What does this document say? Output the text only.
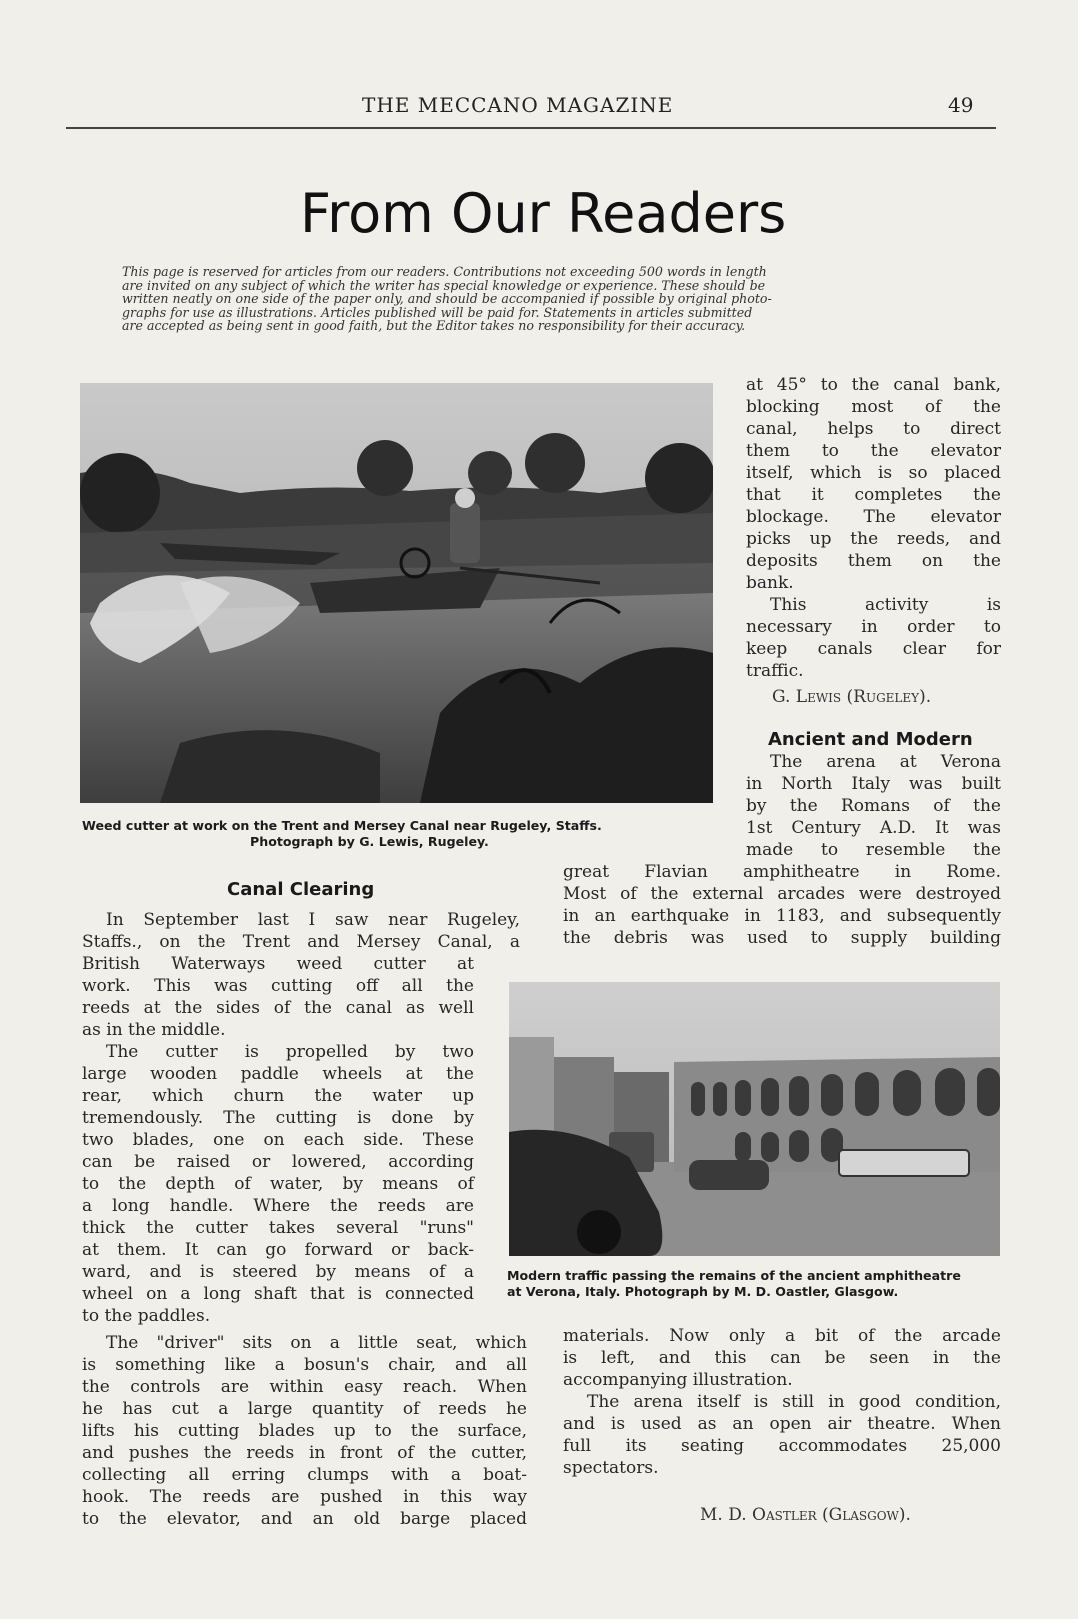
THE MECCANO MAGAZINE	49
From Our Readers

This page is reserved for articles from our readers. Contributions not exceeding 500 words in length

are invited on any subject of which the writer has special knowledge or experience. These should be

written neatly on one side of the paper only, and should be accompanied if possible by original photo-

graphs for use as illustrations. Articles published will be paid for. Statements in articles submitted

are accepted as being sent in good faith, but the Editor takes no responsibility for their accuracy.

Weed cutter at work on the Trent and Mersey Canal near Rugeley, Staffs.
Photograph by G. Lewis, Rugeley.

at 45° to the canal bank,

blocking most of the

canal, helps to direct

them to the elevator

itself, which is so placed

that it completes the

blockage. The elevator

picks up the reeds, and

deposits them on the

bank.

This activity is

necessary in order to

keep canals clear for

traffic.

G. Lewis (Rugeley).
Ancient and Modern

The arena at Verona

in North Italy was built

by the Romans of the

1st Century A.D. It was

made to resemble the

great Flavian amphitheatre in Rome.

Most of the external arcades were destroyed

in an earthquake in 1183, and subsequently

the debris was used to supply building

Canal Clearing

In September last I saw near Rugeley,

Staffs., on the Trent and Mersey Canal, a

British Waterways weed cutter at

work. This was cutting off all the

reeds at the sides of the canal as well

as in the middle.

The cutter is propelled by two

large wooden paddle wheels at the

rear, which churn the water up

tremendously. The cutting is done by

two blades, one on each side. These

can be raised or lowered, according

to the depth of water, by means of

a long handle. Where the reeds are

thick the cutter takes several "runs"

at them. It can go forward or back-

ward, and is steered by means of a

wheel on a long shaft that is connected

to the paddles.

The "driver" sits on a little seat, which

is something like a bosun's chair, and all

the controls are within easy reach. When

he has cut a large quantity of reeds he

lifts his cutting blades up to the surface,

and pushes the reeds in front of the cutter,

collecting all erring clumps with a boat-

hook. The reeds are pushed in this way

to the elevator, and an old barge placed

Modern traffic passing the remains of the ancient amphitheatre
at Verona, Italy. Photograph by M. D. Oastler, Glasgow.

materials. Now only a bit of the arcade

is left, and this can be seen in the

accompanying illustration.

The arena itself is still in good condition,

and is used as an open air theatre. When

full its seating accommodates 25,000

spectators.

M. D. Oastler (Glasgow).
